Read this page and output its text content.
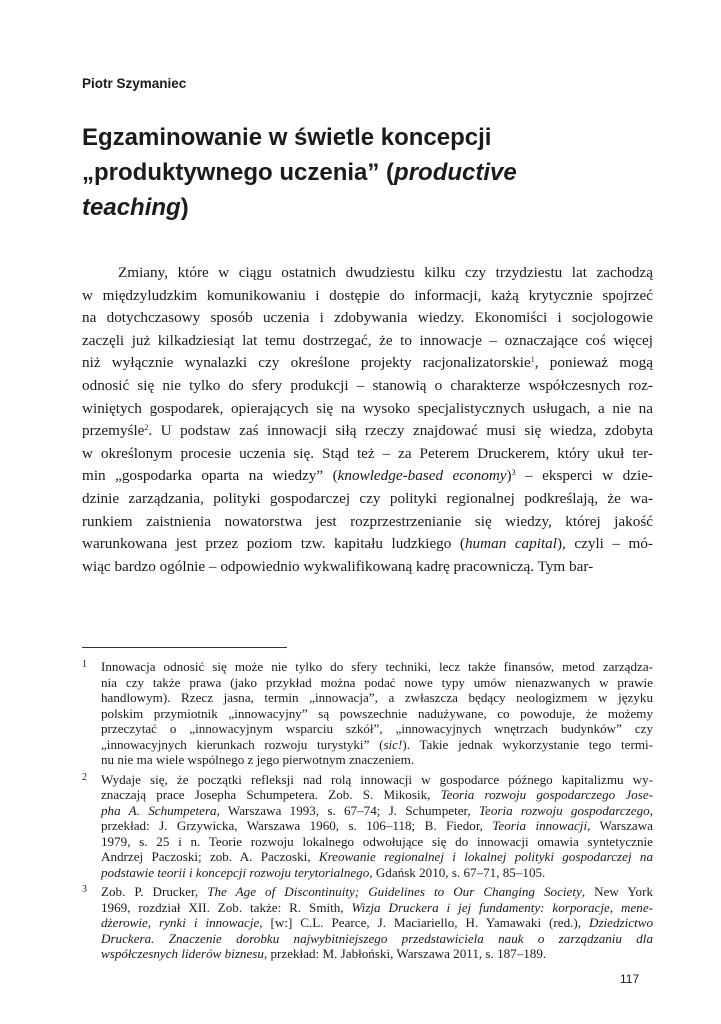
Piotr Szymaniec
Egzaminowanie w świetle koncepcji
„produktywnego uczenia” (productive
teaching)
Zmiany, które w ciągu ostatnich dwudziestu kilku czy trzydziestu lat zachodzą
w międzyludzkim komunikowaniu i dostępie do informacji, każą krytycznie spojrzeć
na dotychczasowy sposób uczenia i zdobywania wiedzy. Ekonomiści i socjologowie
zaczęli już kilkadziesiąt lat temu dostrzegać, że to innowacje – oznaczające coś więcej
niż wyłącznie wynalazki czy określone projekty racjonalizatorskie$^1$, ponieważ mogą
odnosić się nie tylko do sfery produkcji – stanowią o charakterze współczesnych roz-
winiętych gospodarek, opierających się na wysoko specjalistycznych usługach, a nie na
przemyśle$^2$. U podstaw zaś innowacji siłą rzeczy znajdować musi się wiedza, zdobyta
w określonym procesie uczenia się. Stąd też – za Peterem Druckerem, który ukuł ter-
min „gospodarka oparta na wiedzy” (knowledge-based economy)$^3$ – eksperci w dzie-
dzinie zarządzania, polityki gospodarczej czy polityki regionalnej podkreślają, że wa-
runkiem zaistnienia nowatorstwa jest rozprzestrzenianie się wiedzy, której jakość
warunkowana jest przez poziom tzw. kapitału ludzkiego (human capital), czyli – mó-
wiąc bardzo ogólnie – odpowiednio wykwalifikowaną kadrę pracowniczą. Tym bar-
1 Innowacja odnosić się może nie tylko do sfery techniki, lecz także finansów, metod zarządza-
nia czy także prawa (jako przykład można podać nowe typy umów nienazwanych w prawie
handlowym). Rzecz jasna, termin „innowacja”, a zwłaszcza będący neologizmem w języku
polskim przymiotnik „innowacyjny” są powszechnie nadużywane, co powoduje, że możemy
przeczytać o „innowacyjnym wsparciu szkół”, „innowacyjnych wnętrzach budynków” czy
„innowacyjnych kierunkach rozwoju turystyki” (sic!). Takie jednak wykorzystanie tego termi-
nu nie ma wiele wspólnego z jego pierwotnym znaczeniem.
2 Wydaje się, że początki refleksji nad rolą innowacji w gospodarce późnego kapitalizmu wy-
znaczają prace Josepha Schumpetera. Zob. S. Mikosik, Teoria rozwoju gospodarczego Jose-
pha A. Schumpetera, Warszawa 1993, s. 67–74; J. Schumpeter, Teoria rozwoju gospodarczego,
przekład: J. Grzywicka, Warszawa 1960, s. 106–118; B. Fiedor, Teoria innowacji, Warszawa
1979, s. 25 i n. Teorie rozwoju lokalnego odwołujące się do innowacji omawia syntetycznie
Andrzej Paczoski; zob. A. Paczoski, Kreowanie regionalnej i lokalnej polityki gospodarczej na
podstawie teorii i koncepcji rozwoju terytorialnego, Gdańsk 2010, s. 67–71, 85–105.
3 Zob. P. Drucker, The Age of Discontinuity; Guidelines to Our Changing Society, New York
1969, rozdział XII. Zob. także: R. Smith, Wizja Druckera i jej fundamenty: korporacje, mene-
dżerowie, rynki i innowacje, [w:] C.L. Pearce, J. Maciariello, H. Yamawaki (red.), Dziedzictwo
Druckera. Znaczenie dorobku najwybitniejszego przedstawiciela nauk o zarządzaniu dla
współczesnych liderów biznesu, przekład: M. Jabłoński, Warszawa 2011, s. 187–189.
117
